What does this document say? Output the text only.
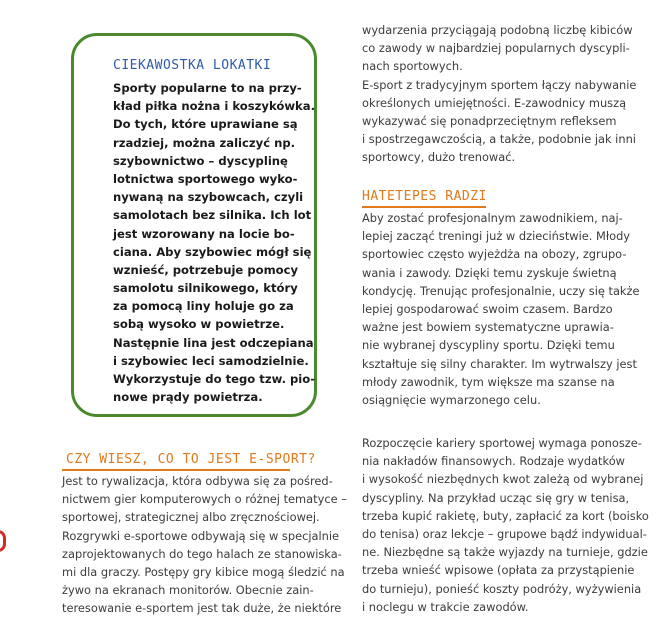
CIEKAWOSTKA LOKATKI
Sporty popularne to na przy-
kład piłka nożna i koszykówka.
Do tych, które uprawiane są
rzadziej, można zaliczyć np.
szybownictwo – dyscyplinę
lotnictwa sportowego wyko-
nywaną na szybowcach, czyli
samolotach bez silnika. Ich lot
jest wzorowany na locie bo-
ciana. Aby szybowiec mógł się
wznieść, potrzebuje pomocy
samolotu silnikowego, który
za pomocą liny holuje go za
sobą wysoko w powietrze.
Następnie lina jest odczepiana
i szybowiec leci samodzielnie.
Wykorzystuje do tego tzw. pio-
nowe prądy powietrza.
CZY WIESZ, CO TO JEST E-SPORT?
Jest to rywalizacja, która odbywa się za pośred-
nictwem gier komputerowych o różnej tematyce –
sportowej, strategicznej albo zręcznościowej.
Rozgrywki e-sportowe odbywają się w specjalnie
zaprojektowanych do tego halach ze stanowiska-
mi dla graczy. Postępy gry kibice mogą śledzić na
żywo na ekranach monitorów. Obecnie zain-
teresowanie e-sportem jest tak duże, że niektóre
wydarzenia przyciągają podobną liczbę kibiców
co zawody w najbardziej popularnych dyscypli-
nach sportowych.
E-sport z tradycyjnym sportem łączy nabywanie
określonych umiejętności. E-zawodnicy muszą
wykazywać się ponadprzeciętnym refleksem
i spostrzegawczością, a także, podobnie jak inni
sportowcy, dużo trenować.
HATETEPES RADZI
Aby zostać profesjonalnym zawodnikiem, naj-
lepiej zacząć treningi już w dzieciństwie. Młody
sportowiec często wyjeżdża na obozy, zgrupo-
wania i zawody. Dzięki temu zyskuje świetną
kondycję. Trenując profesjonalnie, uczy się także
lepiej gospodarować swoim czasem. Bardzo
ważne jest bowiem systematyczne uprawia-
nie wybranej dyscypliny sportu. Dzięki temu
kształtuje się silny charakter. Im wytrwalszy jest
młody zawodnik, tym większe ma szanse na
osiągnięcie wymarzonego celu.
Rozpoczęcie kariery sportowej wymaga ponosze-
nia nakładów finansowych. Rodzaje wydatków
i wysokość niezbędnych kwot zależą od wybranej
dyscypliny. Na przykład ucząc się gry w tenisa,
trzeba kupić rakietę, buty, zapłacić za kort (boisko
do tenisa) oraz lekcje – grupowe bądź indywidual-
ne. Niezbędne są także wyjazdy na turnieje, gdzie
trzeba wnieść wpisowe (opłata za przystąpienie
do turnieju), ponieść koszty podróży, wyżywienia
i noclegu w trakcie zawodów.
